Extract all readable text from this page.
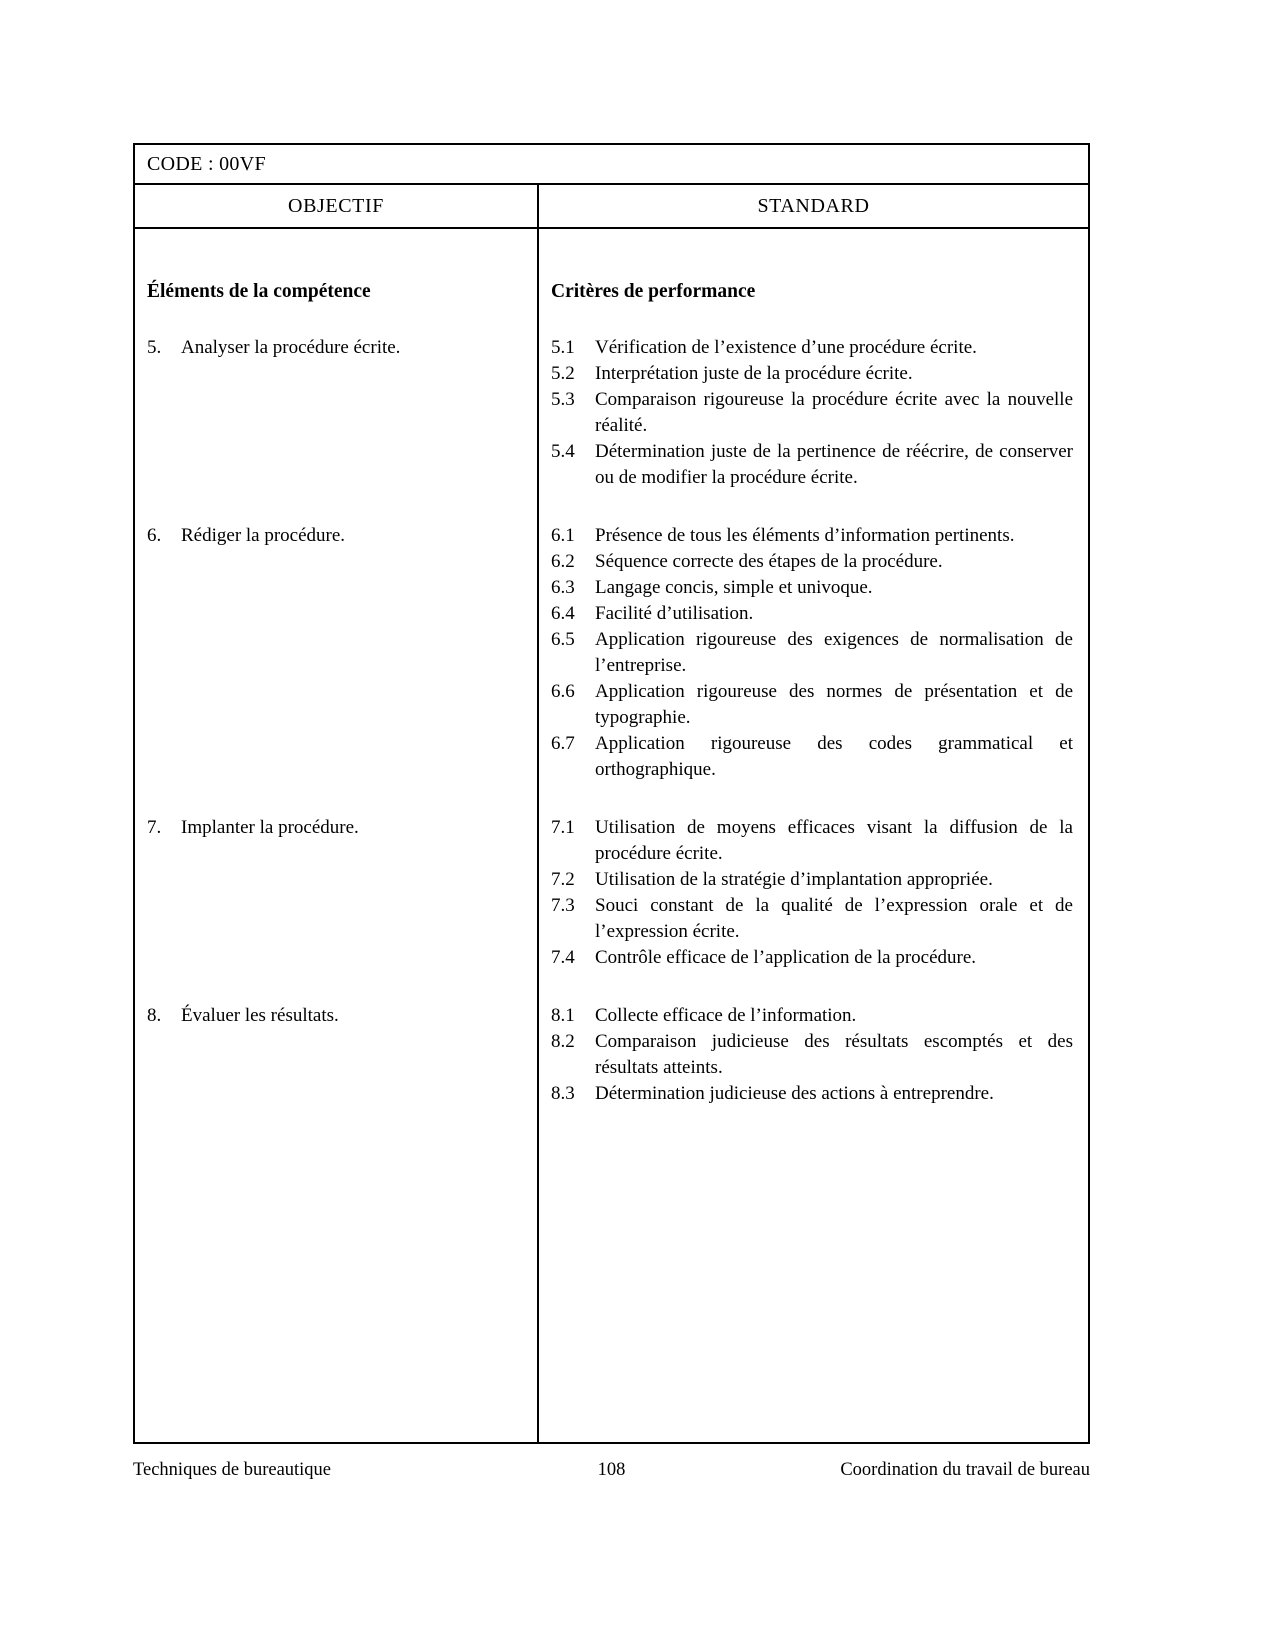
CODE : 00VF
OBJECTIF	STANDARD
Éléments de la compétence	Critères de performance
5.	Analyser la procédure écrite.	5.1 Vérification de l’existence d’une procédure écrite.
5.2 Interprétation juste de la procédure écrite.
5.3 Comparaison rigoureuse la procédure écrite avec la nouvelle réalité.
5.4 Détermination juste de la pertinence de réécrire, de conserver ou de modifier la procédure écrite.
6.	Rédiger la procédure.	6.1 Présence de tous les éléments d’information pertinents.
6.2 Séquence correcte des étapes de la procédure.
6.3 Langage concis, simple et univoque.
6.4 Facilité d’utilisation.
6.5 Application rigoureuse des exigences de normalisation de l’entreprise.
6.6 Application rigoureuse des normes de présentation et de typographie.
6.7 Application rigoureuse des codes grammatical et orthographique.
7.	Implanter la procédure.	7.1 Utilisation de moyens efficaces visant la diffusion de la procédure écrite.
7.2 Utilisation de la stratégie d’implantation appropriée.
7.3 Souci constant de la qualité de l’expression orale et de l’expression écrite.
7.4 Contrôle efficace de l’application de la procédure.
8.	Évaluer les résultats.	8.1 Collecte efficace de l’information.
8.2 Comparaison judicieuse des résultats escomptés et des résultats atteints.
8.3 Détermination judicieuse des actions à entreprendre.
Techniques de bureautique	108	Coordination du travail de bureau
